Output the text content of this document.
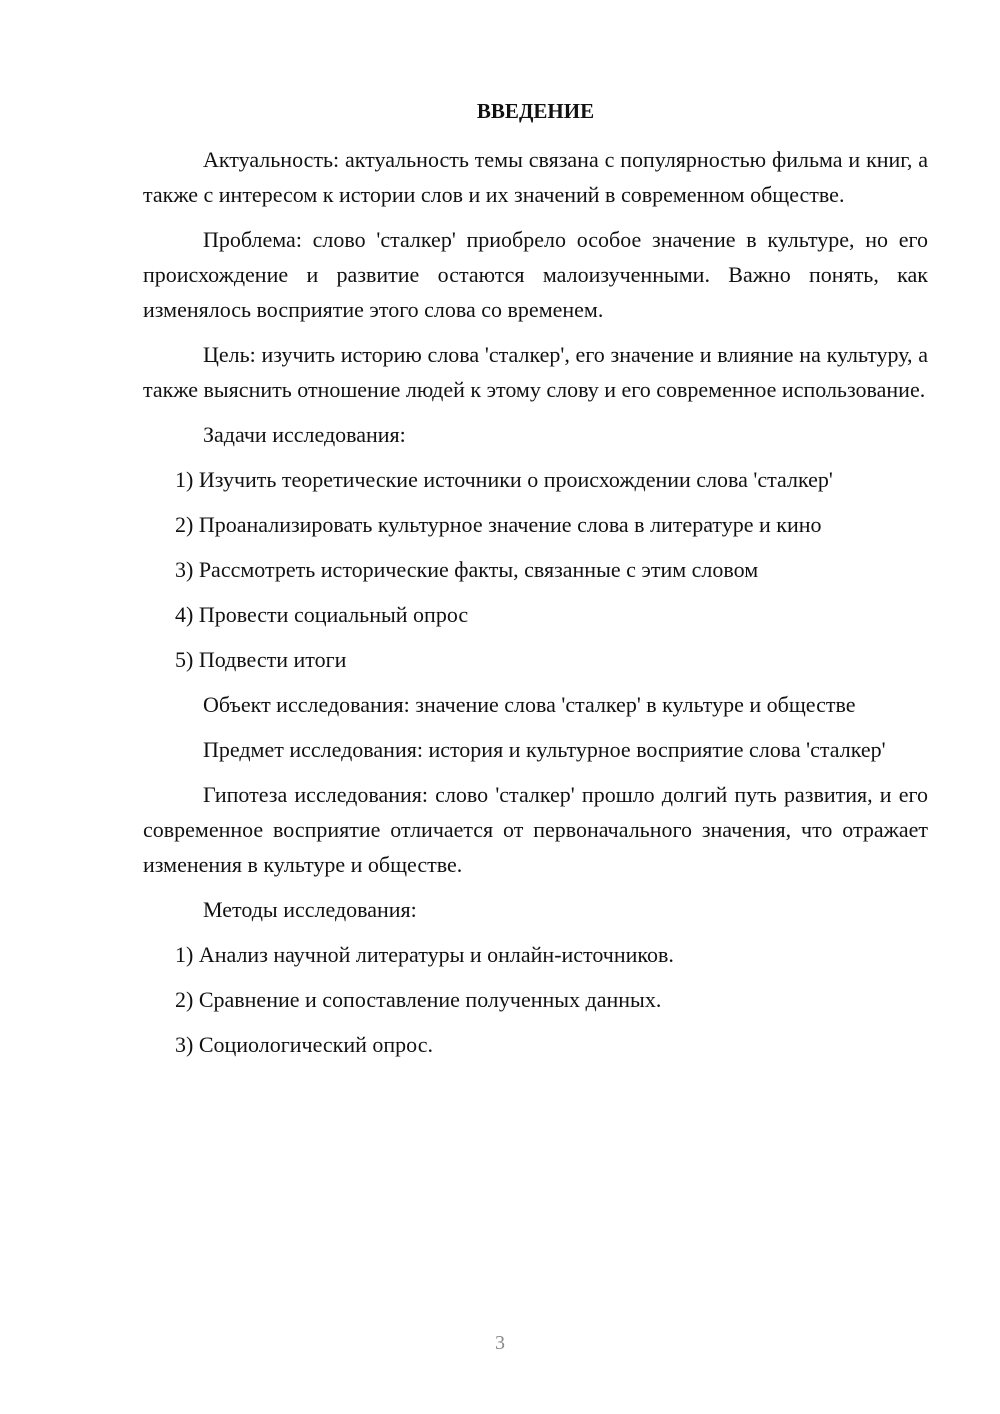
ВВЕДЕНИЕ

Актуальность: актуальность темы связана с популярностью фильма и книг, а также с интересом к истории слов и их значений в современном обществе.

Проблема: слово 'сталкер' приобрело особое значение в культуре, но его происхождение и развитие остаются малоизученными. Важно понять, как изменялось восприятие этого слова со временем.

Цель: изучить историю слова 'сталкер', его значение и влияние на культуру, а также выяснить отношение людей к этому слову и его современное использование.

Задачи исследования:

1) Изучить теоретические источники о происхождении слова 'сталкер'
2) Проанализировать культурное значение слова в литературе и кино
3) Рассмотреть исторические факты, связанные с этим словом
4) Провести социальный опрос
5) Подвести итоги

Объект исследования: значение слова 'сталкер' в культуре и обществе

Предмет исследования: история и культурное восприятие слова 'сталкер'

Гипотеза исследования: слово 'сталкер' прошло долгий путь развития, и его современное восприятие отличается от первоначального значения, что отражает изменения в культуре и обществе.

Методы исследования:

1) Анализ научной литературы и онлайн-источников.
2) Сравнение и сопоставление полученных данных.
3) Социологический опрос.
3
